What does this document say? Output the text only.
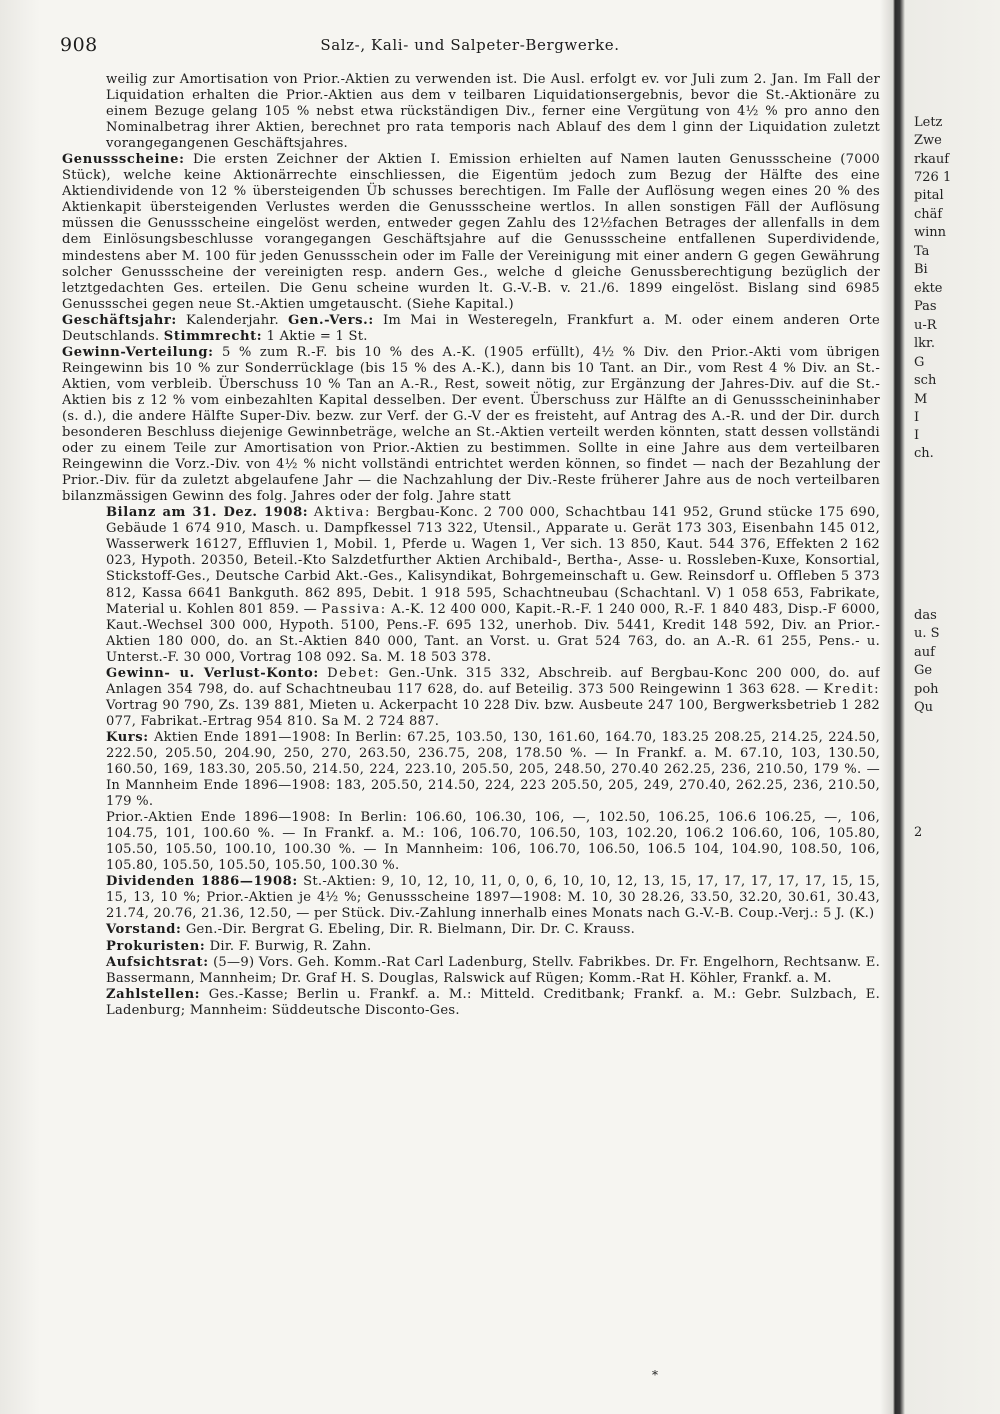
908	Salz-, Kali- und Salpeter-Bergwerke.

weilig zur Amortisation von Prior.-Aktien zu verwenden ist. Die Ausl. erfolgt ev. vor Juli zum 2. Jan. Im Fall der Liquidation erhalten die Prior.-Aktien aus dem v teilbaren Liquidationsergebnis, bevor die St.-Aktionäre zu einem Bezuge gelang 105 % nebst etwa rückständigen Div., ferner eine Vergütung von 4½ % pro anno den Nominalbetrag ihrer Aktien, berechnet pro rata temporis nach Ablauf des dem l ginn der Liquidation zuletzt vorangegangenen Geschäftsjahres.

Genussscheine: Die ersten Zeichner der Aktien I. Emission erhielten auf Namen lauten Genussscheine (7000 Stück), welche keine Aktionärrechte einschliessen, die Eigentüm jedoch zum Bezug der Hälfte des eine Aktiendividende von 12 % übersteigenden Üb schusses berechtigen. Im Falle der Auflösung wegen eines 20 % des Aktienkapit übersteigenden Verlustes werden die Genussscheine wertlos. In allen sonstigen Fäll der Auflösung müssen die Genussscheine eingelöst werden, entweder gegen Zahlu des 12½fachen Betrages der allenfalls in dem dem Einlösungsbeschlusse vorangegangen Geschäftsjahre auf die Genussscheine entfallenen Superdividende, mindestens aber M. 100 für jeden Genussschein oder im Falle der Vereinigung mit einer andern G gegen Gewährung solcher Genussscheine der vereinigten resp. andern Ges., welche d gleiche Genussberechtigung bezüglich der letztgedachten Ges. erteilen. Die Genu scheine wurden lt. G.-V.-B. v. 21./6. 1899 eingelöst. Bislang sind 6985 Genussschei gegen neue St.-Aktien umgetauscht. (Siehe Kapital.)

Geschäftsjahr: Kalenderjahr. Gen.-Vers.: Im Mai in Westeregeln, Frankfurt a. M. oder einem anderen Orte Deutschlands. Stimmrecht: 1 Aktie = 1 St.

Gewinn-Verteilung: 5 % zum R.-F. bis 10 % des A.-K. (1905 erfüllt), 4½ % Div. den Prior.-Akti vom übrigen Reingewinn bis 10 % zur Sonderrücklage (bis 15 % des A.-K.), dann bis 10 Tant. an Dir., vom Rest 4 % Div. an St.-Aktien, vom verbleib. Überschuss 10 % Tan an A.-R., Rest, soweit nötig, zur Ergänzung der Jahres-Div. auf die St.-Aktien bis z 12 % vom einbezahlten Kapital desselben. Der event. Überschuss zur Hälfte an di Genussscheininhaber (s. d.), die andere Hälfte Super-Div. bezw. zur Verf. der G.-V der es freisteht, auf Antrag des A.-R. und der Dir. durch besonderen Beschluss diejenige Gewinnbeträge, welche an St.-Aktien verteilt werden könnten, statt dessen vollständi oder zu einem Teile zur Amortisation von Prior.-Aktien zu bestimmen. Sollte in eine Jahre aus dem verteilbaren Reingewinn die Vorz.-Div. von 4½ % nicht vollständi entrichtet werden können, so findet — nach der Bezahlung der Prior.-Div. für da zuletzt abgelaufene Jahr — die Nachzahlung der Div.-Reste früherer Jahre aus de noch verteilbaren bilanzmässigen Gewinn des folg. Jahres oder der folg. Jahre statt

Bilanz am 31. Dez. 1908: Aktiva: Bergbau-Konc. 2 700 000, Schachtbau 141 952, Grund stücke 175 690, Gebäude 1 674 910, Masch. u. Dampfkessel 713 322, Utensil., Apparate u. Gerät 173 303, Eisenbahn 145 012, Wasserwerk 16127, Effluvien 1, Mobil. 1, Pferde u. Wagen 1, Ver sich. 13 850, Kaut. 544 376, Effekten 2 162 023, Hypoth. 20350, Beteil.-Kto Salzdetfurther Aktien Archibald-, Bertha-, Asse- u. Rossleben-Kuxe, Konsortial, Stickstoff-Ges., Deutsche Carbid Akt.-Ges., Kalisyndikat, Bohrgemeinschaft u. Gew. Reinsdorf u. Offleben 5 373 812, Kassa 6641 Bankguth. 862 895, Debit. 1 918 595, Schachtneubau (Schachtanl. V) 1 058 653, Fabrikate, Material u. Kohlen 801 859. — Passiva: A.-K. 12 400 000, Kapit.-R.-F. 1 240 000, R.-F. 1 840 483, Disp.-F 6000, Kaut.-Wechsel 300 000, Hypoth. 5100, Pens.-F. 695 132, unerhob. Div. 5441, Kredit 148 592, Div. an Prior.-Aktien 180 000, do. an St.-Aktien 840 000, Tant. an Vorst. u. Grat 524 763, do. an A.-R. 61 255, Pens.- u. Unterst.-F. 30 000, Vortrag 108 092. Sa. M. 18 503 378.

Gewinn- u. Verlust-Konto: Debet: Gen.-Unk. 315 332, Abschreib. auf Bergbau-Konc 200 000, do. auf Anlagen 354 798, do. auf Schachtneubau 117 628, do. auf Beteilig. 373 500 Reingewinn 1 363 628. — Kredit: Vortrag 90 790, Zs. 139 881, Mieten u. Ackerpacht 10 228 Div. bzw. Ausbeute 247 100, Bergwerksbetrieb 1 282 077, Fabrikat.-Ertrag 954 810. Sa M. 2 724 887.

Kurs: Aktien Ende 1891—1908: In Berlin: 67.25, 103.50, 130, 161.60, 164.70, 183.25 208.25, 214.25, 224.50, 222.50, 205.50, 204.90, 250, 270, 263.50, 236.75, 208, 178.50 %. — In Frankf. a. M. 67.10, 103, 130.50, 160.50, 169, 183.30, 205.50, 214.50, 224, 223.10, 205.50, 205, 248.50, 270.40 262.25, 236, 210.50, 179 %. — In Mannheim Ende 1896—1908: 183, 205.50, 214.50, 224, 223 205.50, 205, 249, 270.40, 262.25, 236, 210.50, 179 %.

Prior.-Aktien Ende 1896—1908: In Berlin: 106.60, 106.30, 106, —, 102.50, 106.25, 106.6 106.25, —, 106, 104.75, 101, 100.60 %. — In Frankf. a. M.: 106, 106.70, 106.50, 103, 102.20, 106.2 106.60, 106, 105.80, 105.50, 105.50, 100.10, 100.30 %. — In Mannheim: 106, 106.70, 106.50, 106.5 104, 104.90, 108.50, 106, 105.80, 105.50, 105.50, 105.50, 100.30 %.

Dividenden 1886—1908: St.-Aktien: 9, 10, 12, 10, 11, 0, 0, 6, 10, 10, 12, 13, 15, 17, 17, 17, 17, 17, 15, 15, 15, 13, 10 %; Prior.-Aktien je 4½ %; Genussscheine 1897—1908: M. 10, 30 28.26, 33.50, 32.20, 30.61, 30.43, 21.74, 20.76, 21.36, 12.50, — per Stück. Div.-Zahlung innerhalb eines Monats nach G.-V.-B. Coup.-Verj.: 5 J. (K.)

Vorstand: Gen.-Dir. Bergrat G. Ebeling, Dir. R. Bielmann, Dir. Dr. C. Krauss.

Prokuristen: Dir. F. Burwig, R. Zahn.

Aufsichtsrat: (5—9) Vors. Geh. Komm.-Rat Carl Ladenburg, Stellv. Fabrikbes. Dr. Fr. Engelhorn, Rechtsanw. E. Bassermann, Mannheim; Dr. Graf H. S. Douglas, Ralswick auf Rügen; Komm.-Rat H. Köhler, Frankf. a. M.

Zahlstellen: Ges.-Kasse; Berlin u. Frankf. a. M.: Mitteld. Creditbank; Frankf. a. M.: Gebr. Sulzbach, E. Ladenburg; Mannheim: Süddeutsche Disconto-Ges.

*
Letz
Zwe
rkauf
726 1
pital
chäf
winn
Ta
Bi
ekte
Pas
u-R
lkr.
G
sch
M
I
I
ch.
das
u. S
auf
Ge
poh
Qu
2
